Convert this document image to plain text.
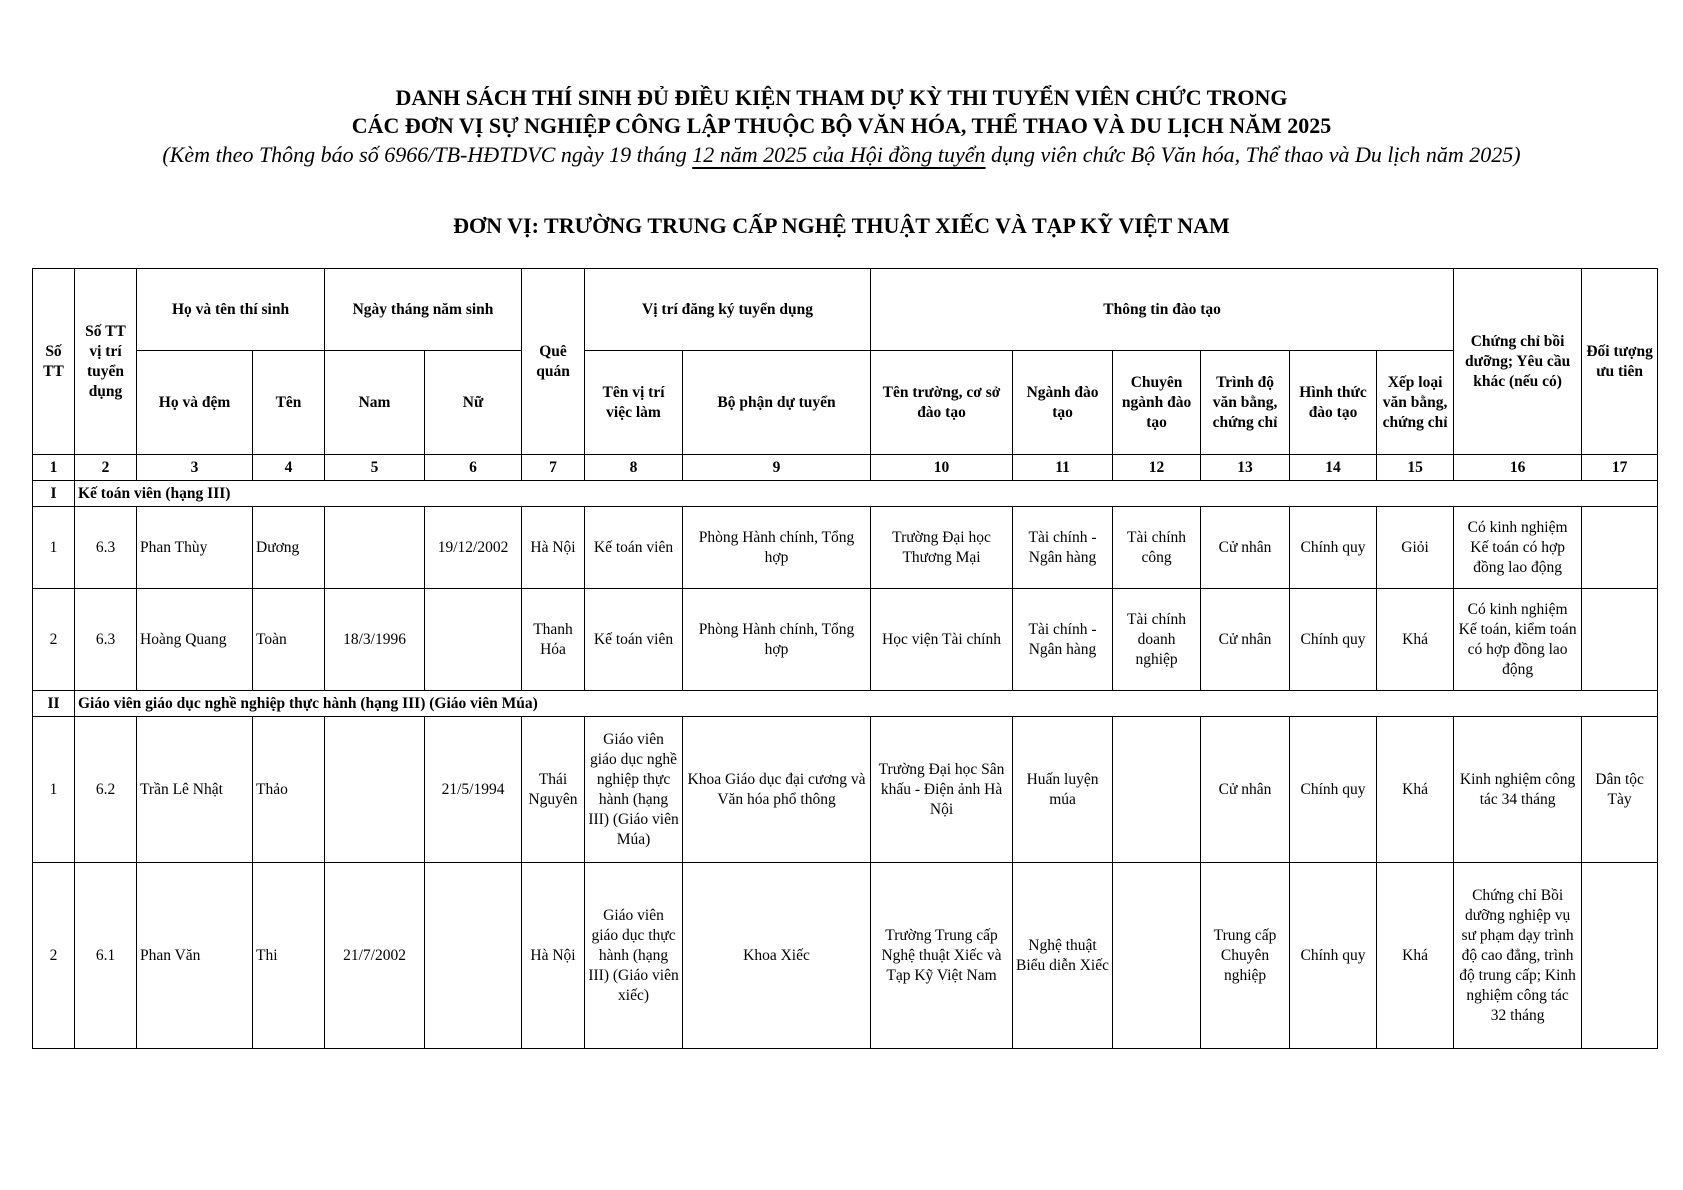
DANH SÁCH THÍ SINH ĐỦ ĐIỀU KIỆN THAM DỰ KỲ THI TUYỂN VIÊN CHỨC TRONG

CÁC ĐƠN VỊ SỰ NGHIỆP CÔNG LẬP THUỘC BỘ VĂN HÓA, THỂ THAO VÀ DU LỊCH NĂM 2025

(Kèm theo Thông báo số 6966/TB-HĐTDVC ngày 19 tháng 12 năm 2025 của Hội đồng tuyển dụng viên chức Bộ Văn hóa, Thể thao và Du lịch năm 2025)

ĐƠN VỊ: TRƯỜNG TRUNG CẤP NGHỆ THUẬT XIẾC VÀ TẠP KỸ VIỆT NAM
Số TT	Số TT vị trí tuyển dụng	Họ và tên thí sinh		Ngày tháng năm sinh		Quê quán	Vị trí đăng ký tuyển dụng		Thông tin đào tạo						Chứng chỉ bồi dưỡng; Yêu cầu khác (nếu có)	Đối tượng ưu tiên
		Họ và đệm	Tên	Nam	Nữ		Tên vị trí việc làm	Bộ phận dự tuyển	Tên trường, cơ sở đào tạo	Ngành đào tạo	Chuyên ngành đào tạo	Trình độ văn bằng, chứng chỉ	Hình thức đào tạo	Xếp loại văn bằng, chứng chỉ		
1	2	3	4	5	6	7	8	9	10	11	12	13	14	15	16	17
I	Kế toán viên (hạng III)															
1	6.3	Phan Thùy	Dương		19/12/2002	Hà Nội	Kế toán viên	Phòng Hành chính, Tổng hợp	Trường Đại học Thương Mại	Tài chính - Ngân hàng	Tài chính công	Cử nhân	Chính quy	Giỏi	Có kinh nghiệm Kế toán có hợp đồng lao động	
2	6.3	Hoàng Quang	Toàn	18/3/1996		Thanh Hóa	Kế toán viên	Phòng Hành chính, Tổng hợp	Học viện Tài chính	Tài chính - Ngân hàng	Tài chính doanh nghiệp	Cử nhân	Chính quy	Khá	Có kinh nghiệm Kế toán, kiểm toán có hợp đồng lao động	
II	Giáo viên giáo dục nghề nghiệp thực hành (hạng III) (Giáo viên Múa)															
1	6.2	Trần Lê Nhật	Thảo		21/5/1994	Thái Nguyên	Giáo viên giáo dục nghề nghiệp thực hành (hạng III) (Giáo viên Múa)	Khoa Giáo dục đại cương và Văn hóa phổ thông	Trường Đại học Sân khấu - Điện ảnh Hà Nội	Huấn luyện múa		Cử nhân	Chính quy	Khá	Kinh nghiệm công tác 34 tháng	Dân tộc Tày
2	6.1	Phan Văn	Thi	21/7/2002		Hà Nội	Giáo viên giáo dục thực hành (hạng III) (Giáo viên xiếc)	Khoa Xiếc	Trường Trung cấp Nghệ thuật Xiếc và Tạp Kỹ Việt Nam	Nghệ thuật Biểu diễn Xiếc		Trung cấp Chuyên nghiệp	Chính quy	Khá	Chứng chỉ Bồi dưỡng nghiệp vụ sư phạm dạy trình độ cao đẳng, trình độ trung cấp; Kinh nghiệm công tác 32 tháng	
